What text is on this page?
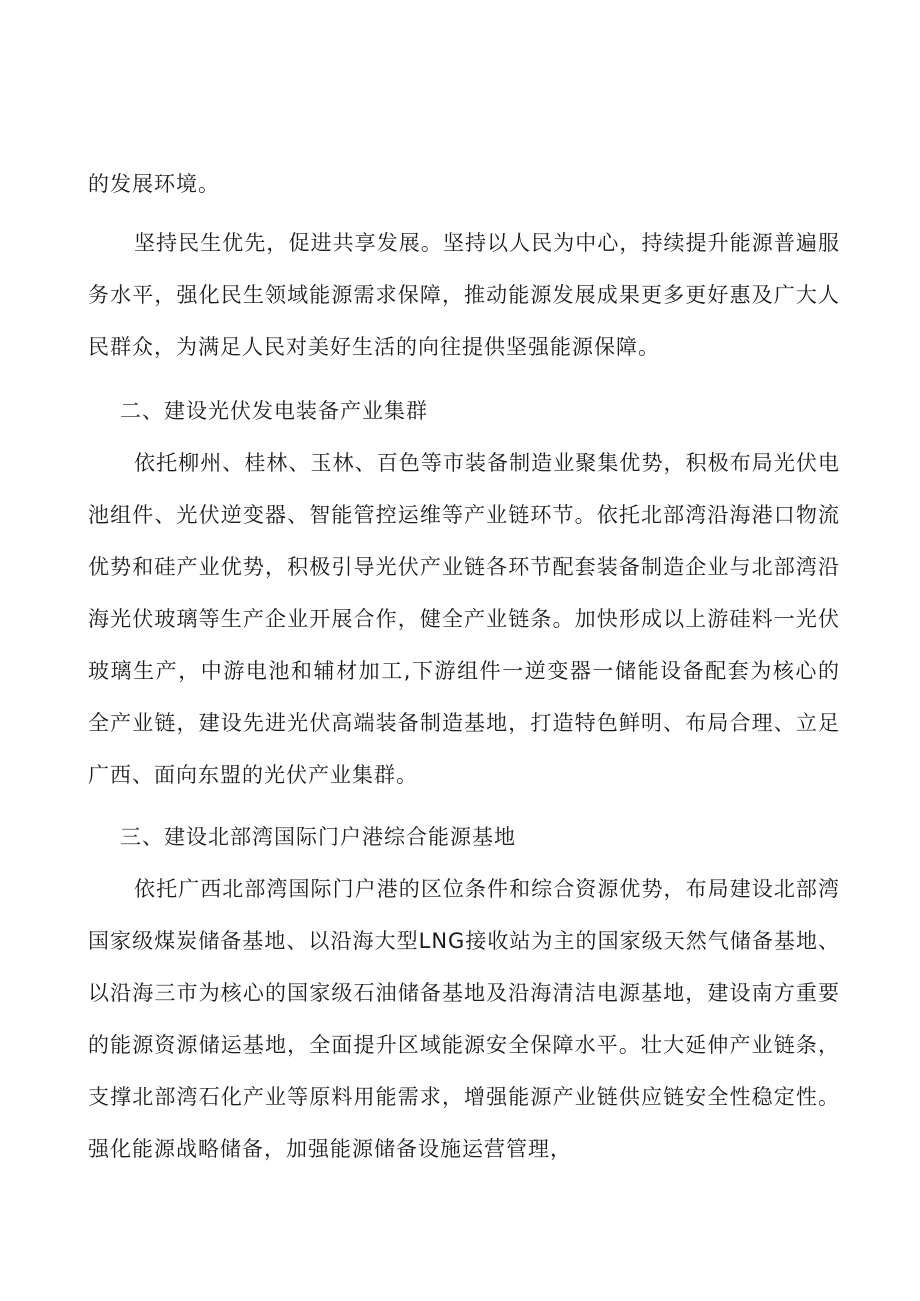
的发展环境。

坚持民生优先，促进共享发展。坚持以人民为中心，持续提升能源普遍服务水平，强化民生领域能源需求保障，推动能源发展成果更多更好惠及广大人民群众，为满足人民对美好生活的向往提供坚强能源保障。

二、建设光伏发电装备产业集群

依托柳州、桂林、玉林、百色等市装备制造业聚集优势，积极布局光伏电池组件、光伏逆变器、智能管控运维等产业链环节。依托北部湾沿海港口物流优势和硅产业优势，积极引导光伏产业链各环节配套装备制造企业与北部湾沿海光伏玻璃等生产企业开展合作，健全产业链条。加快形成以上游硅料一光伏玻璃生产，中游电池和辅材加工,下游组件一逆变器一储能设备配套为核心的全产业链，建设先进光伏高端装备制造基地，打造特色鲜明、布局合理、立足广西、面向东盟的光伏产业集群。

三、建设北部湾国际门户港综合能源基地

依托广西北部湾国际门户港的区位条件和综合资源优势，布局建设北部湾国家级煤炭储备基地、以沿海大型LNG接收站为主的国家级天然气储备基地、以沿海三市为核心的国家级石油储备基地及沿海清洁电源基地，建设南方重要的能源资源储运基地，全面提升区域能源安全保障水平。壮大延伸产业链条，支撑北部湾石化产业等原料用能需求，增强能源产业链供应链安全性稳定性。强化能源战略储备，加强能源储备设施运营管理，
